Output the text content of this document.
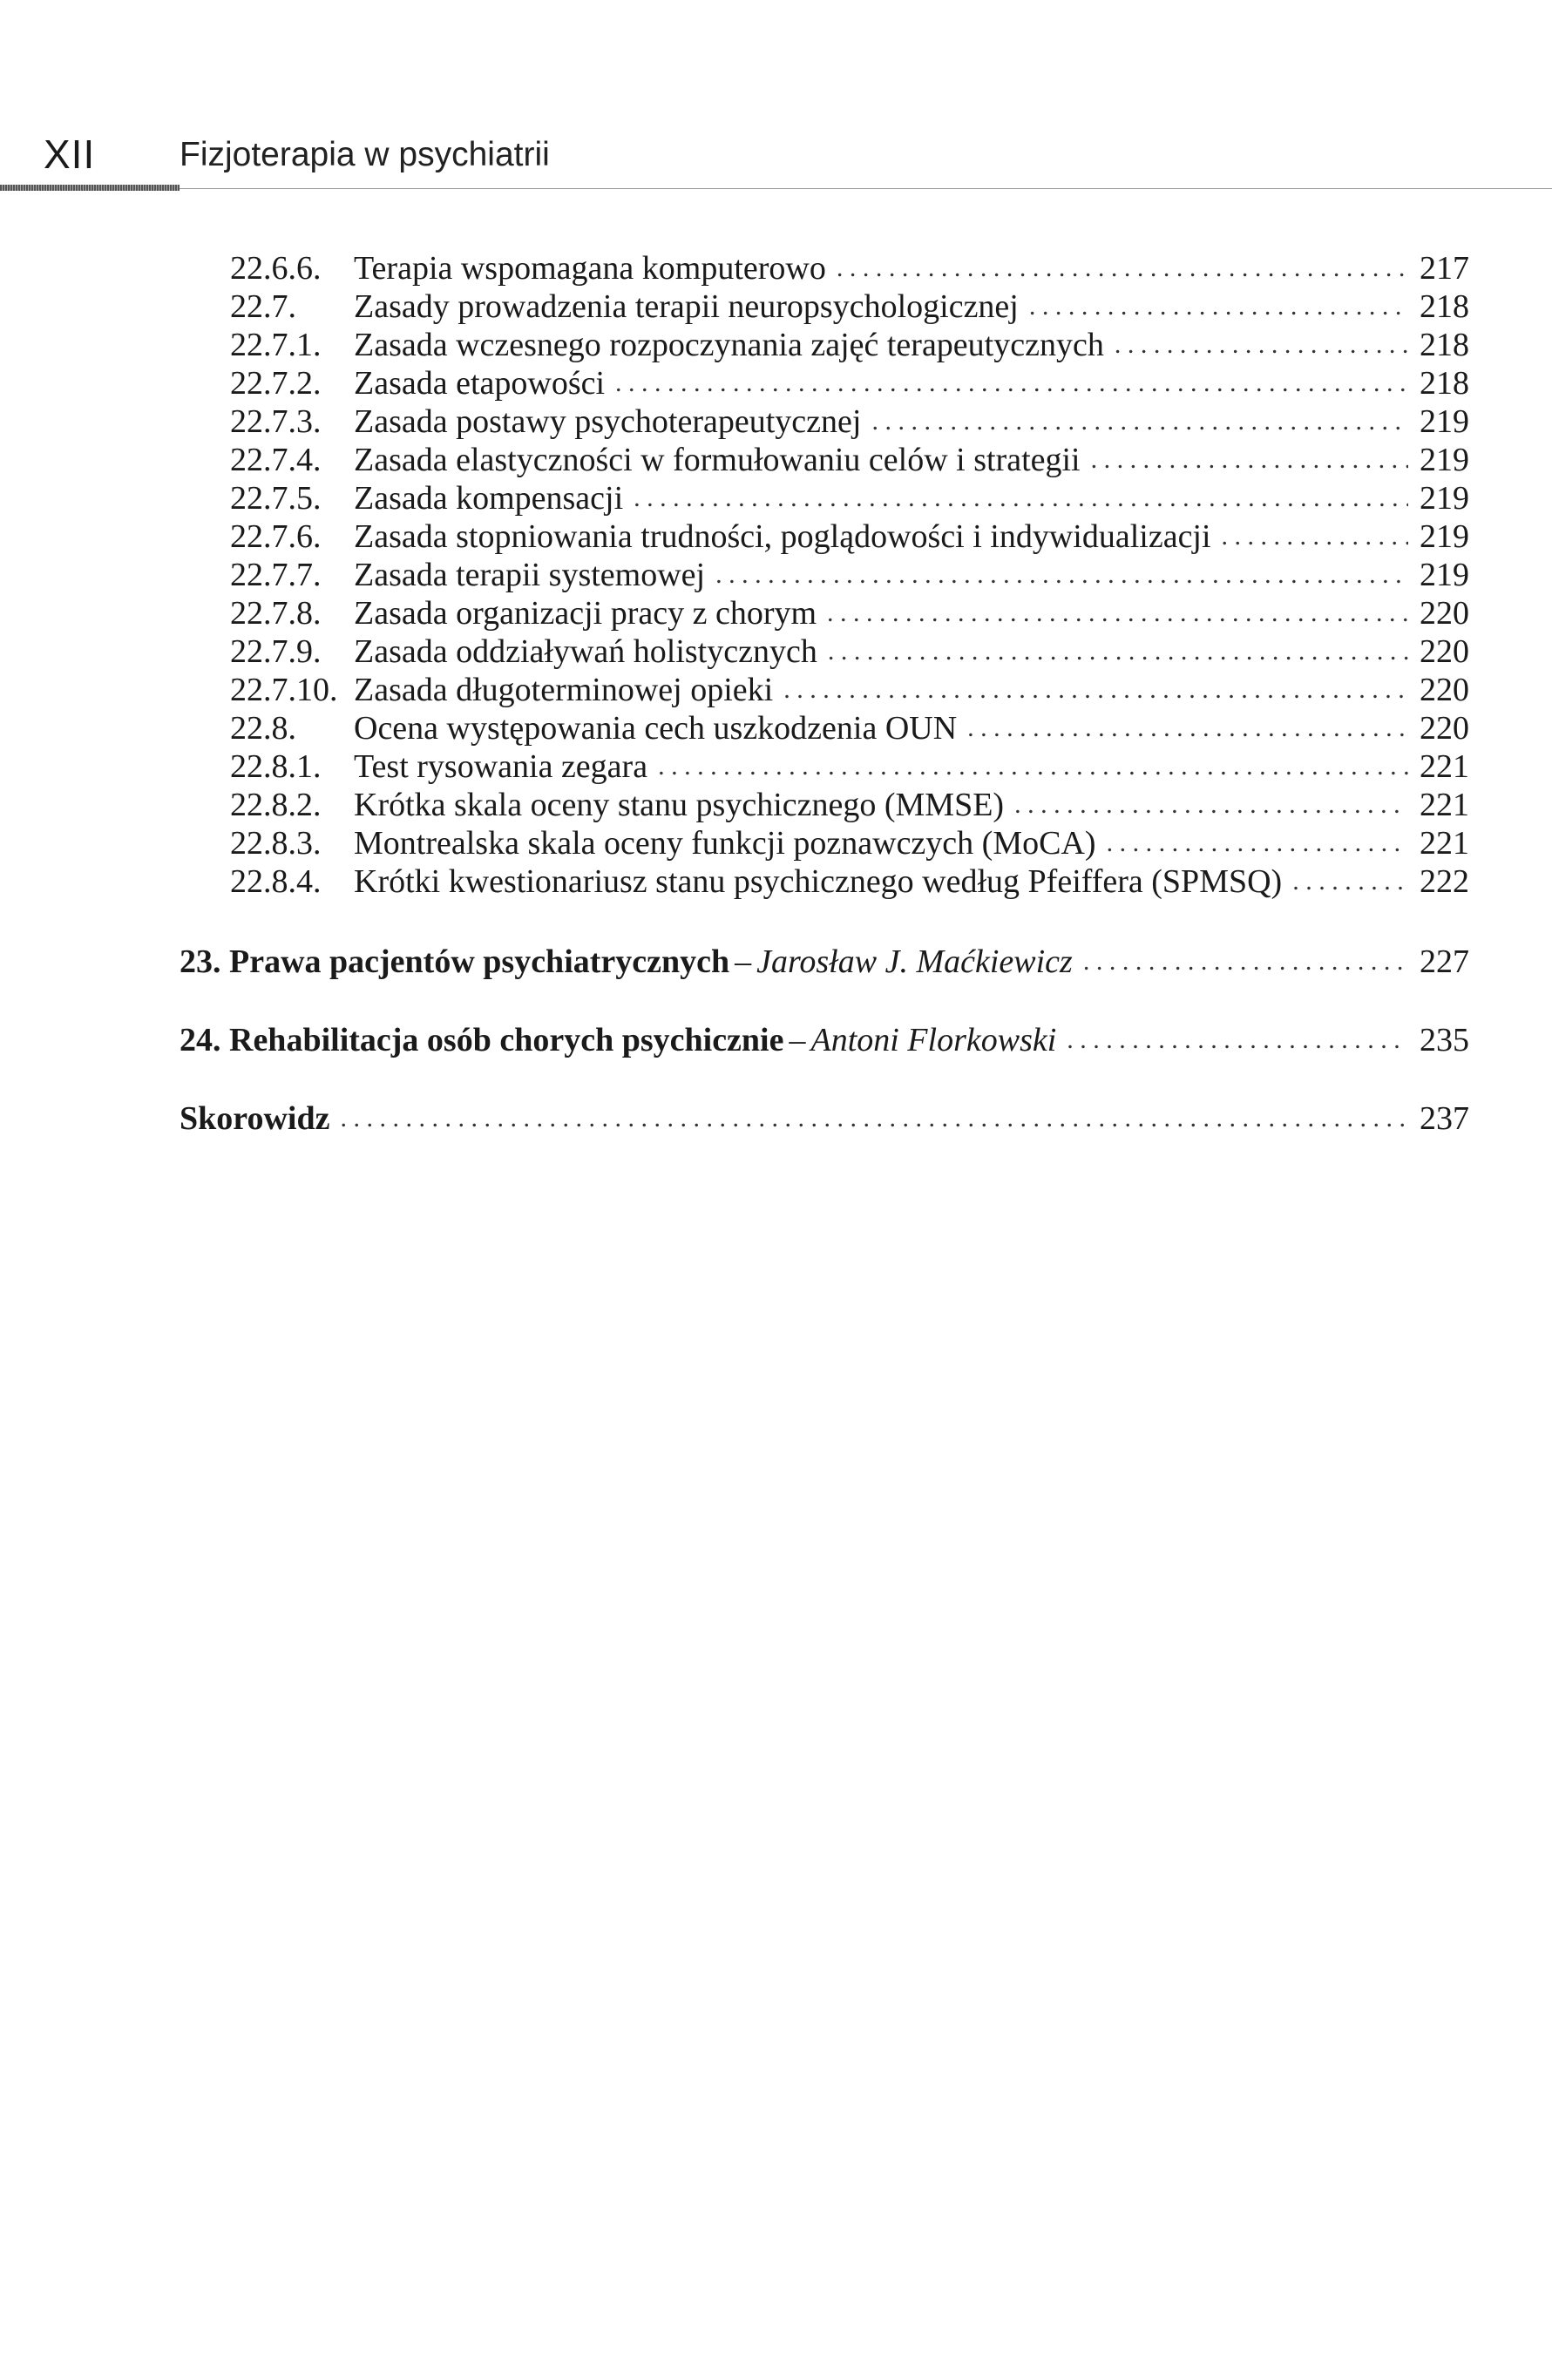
XII Fizjoterapia w psychiatrii
22.6.6. Terapia wspomagana komputerowo . . .	217
22.7.	Zasady prowadzenia terapii neuropsychologicznej . . .	218
22.7.1. Zasada wczesnego rozpoczynania zajęć terapeutycznych . . .	218
22.7.2. Zasada etapowości . . .	218
22.7.3. Zasada postawy psychoterapeutycznej . . .	219
22.7.4. Zasada elastyczności w formułowaniu celów i strategii . . .	219
22.7.5. Zasada kompensacji . . .	219
22.7.6. Zasada stopniowania trudności, poglądowości i indywidualizacji . . .	219
22.7.7. Zasada terapii systemowej . . .	219
22.7.8. Zasada organizacji pracy z chorym . . .	220
22.7.9. Zasada oddziaływań holistycznych . . .	220
22.7.10. Zasada długoterminowej opieki . . .	220
22.8.	Ocena występowania cech uszkodzenia OUN . . .	220
22.8.1. Test rysowania zegara . . .	221
22.8.2. Krótka skala oceny stanu psychicznego (MMSE) . . .	221
22.8.3. Montrealska skala oceny funkcji poznawczych (MoCA) . . .	221
22.8.4. Krótki kwestionariusz stanu psychicznego według Pfeiffera (SPMSQ) . . .	222
23. Prawa pacjentów psychiatrycznych – Jarosław J. Maćkiewicz . . .	227
24. Rehabilitacja osób chorych psychicznie – Antoni Florkowski . . .	235
Skorowidz . . .	237
